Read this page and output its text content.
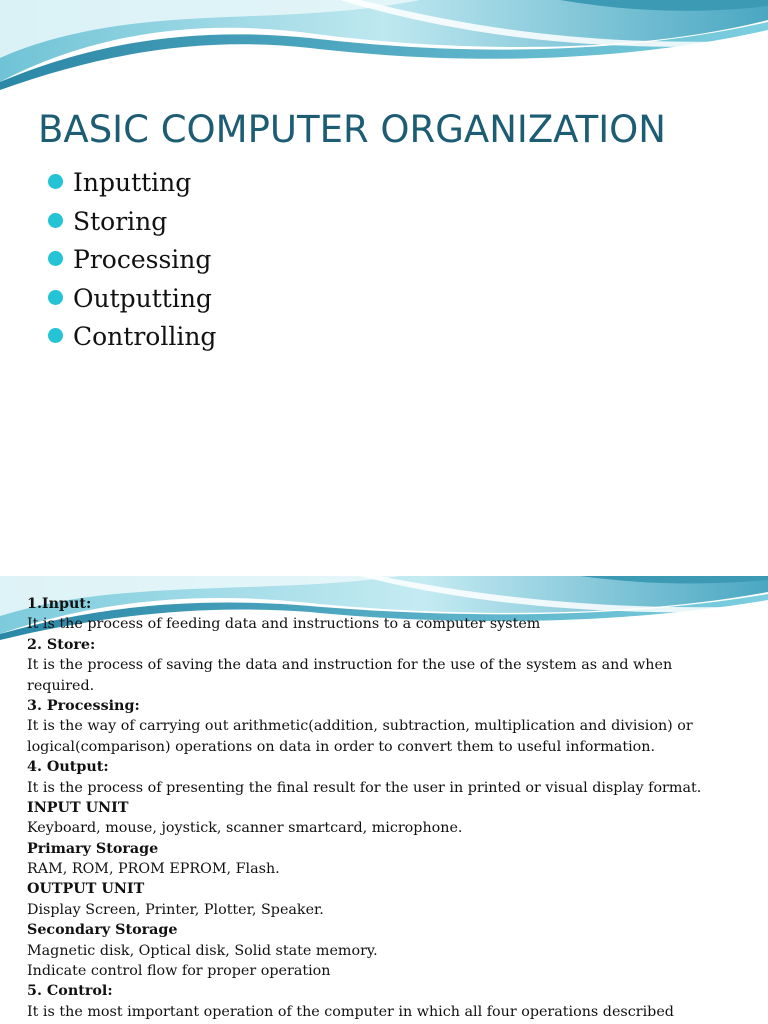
BASIC COMPUTER ORGANIZATION
Inputting
Storing
Processing
Outputting
Controlling
1.Input:
It is the process of feeding data and instructions to a computer system
2. Store:
It is the process of saving the data and instruction for the use of the system as and when
required.
3. Processing:
It is the way of carrying out arithmetic(addition, subtraction, multiplication and division) or
logical(comparison) operations on data in order to convert them to useful information.
4. Output:
It is the process of presenting the final result for the user in printed or visual display format.
INPUT UNIT
Keyboard, mouse, joystick, scanner smartcard, microphone.
Primary Storage
RAM, ROM, PROM EPROM, Flash.
OUTPUT UNIT
Display Screen, Printer, Plotter, Speaker.
Secondary Storage
Magnetic disk, Optical disk, Solid state memory.
Indicate control flow for proper operation
5. Control:
It is the most important operation of the computer in which all four operations described
